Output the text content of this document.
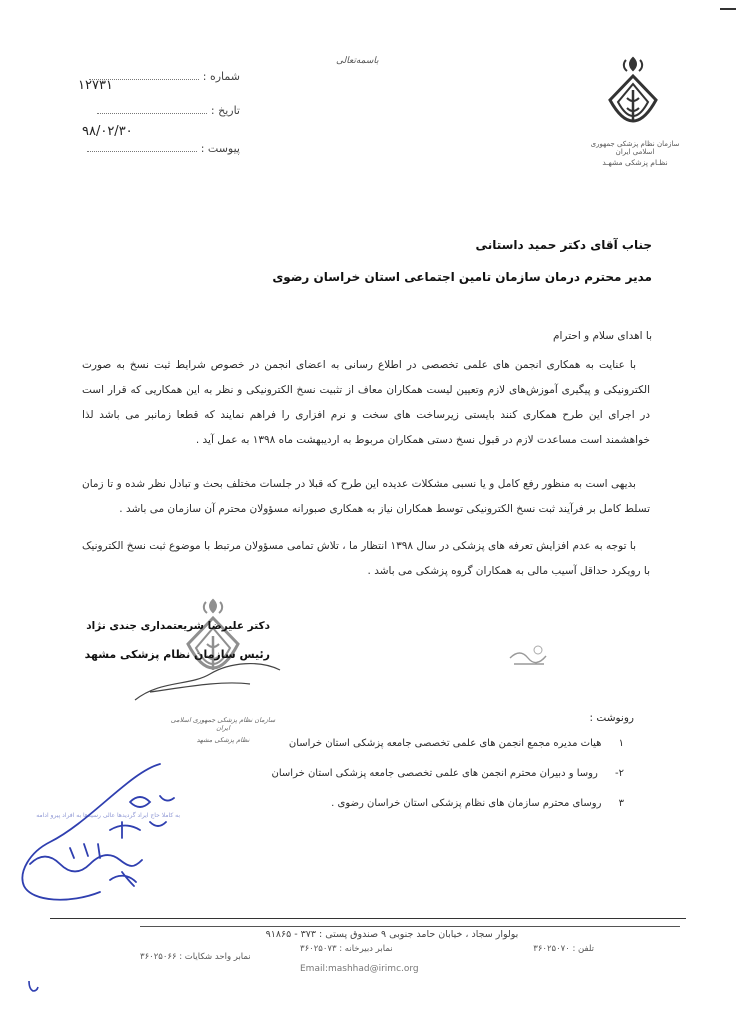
باسمه‌تعالی
سازمان نظام پزشکی جمهوری اسلامی ایران
نظـام پزشکی مشهـد
شماره :
۱۲۷۳۱
تاریخ :
۹۸/۰۲/۳۰
پیوست :
جناب آقای دکتر حمید داستانی
مدیر محترم درمان سازمان تامین اجتماعی استان خراسان رضوی
با اهدای سلام و احترام
با عنایت به همکاری انجمن های علمی تخصصی در اطلاع رسانی به اعضای انجمن در خصوص شرایط ثبت نسخ به صورت الکترونیکی و پیگیری آموزش‌های لازم وتعیین لیست همکاران معاف از تثبیت نسخ الکترونیکی و نظر به این همکاریی که قرار است در اجرای این طرح همکاری کنند بایستی زیرساخت های سخت و نرم افزاری را فراهم نمایند که قطعا زمانبر می باشد لذا خواهشمند است مساعدت لازم در قبول نسخ دستی همکاران مربوط به اردیبهشت ماه ۱۳۹۸ به عمل آید .
بدیهی است به منظور رفع کامل و یا نسبی مشکلات عدیده این طرح که قبلا در جلسات مختلف بحث و تبادل نظر شده و تا زمان تسلط کامل بر فرآیند ثبت نسخ الکترونیکی توسط همکاران نیاز به همکاری صبورانه مسؤولان محترم آن سازمان می باشد .
با توجه به عدم افزایش تعرفه های پزشکی در سال ۱۳۹۸ انتظار ما ، تلاش تمامی مسؤولان مرتبط با موضوع ثبت نسخ الکترونیک با رویکرد حداقل آسیب مالی به همکاران گروه پزشکی می باشد .
دکتر علیرضا شریعتمداری جندی نژاد
رئیس سازمان نظام پزشکی مشهد
سازمان نظام پزشکی جمهوری اسلامی ایران
نظام پزشکی مشهد
رونوشت :
۱ هیات مدیره مجمع انجمن های علمی تخصصی جامعه پزشکی استان خراسان
۲- روسا و دبیران محترم انجمن های علمی تخصصی جامعه پزشکی استان خراسان
۳ روسای محترم سازمان های نظام پزشکی استان خراسان رضوی .
به کاملا حاج ایراد گردیدها عالی رسیدها به افراد پیرو ادامه
بولوار سجاد ، خیابان حامد جنوبی ۹ صندوق پستی : ۳۷۳ - ۹۱۸۶۵
تلفن : ۳۶۰۲۵۰۷۰
نمابر دبیرخانه : ۳۶۰۲۵۰۷۳
نمابر واحد شکایات : ۳۶۰۲۵۰۶۶
Email:mashhad@irimc.org
